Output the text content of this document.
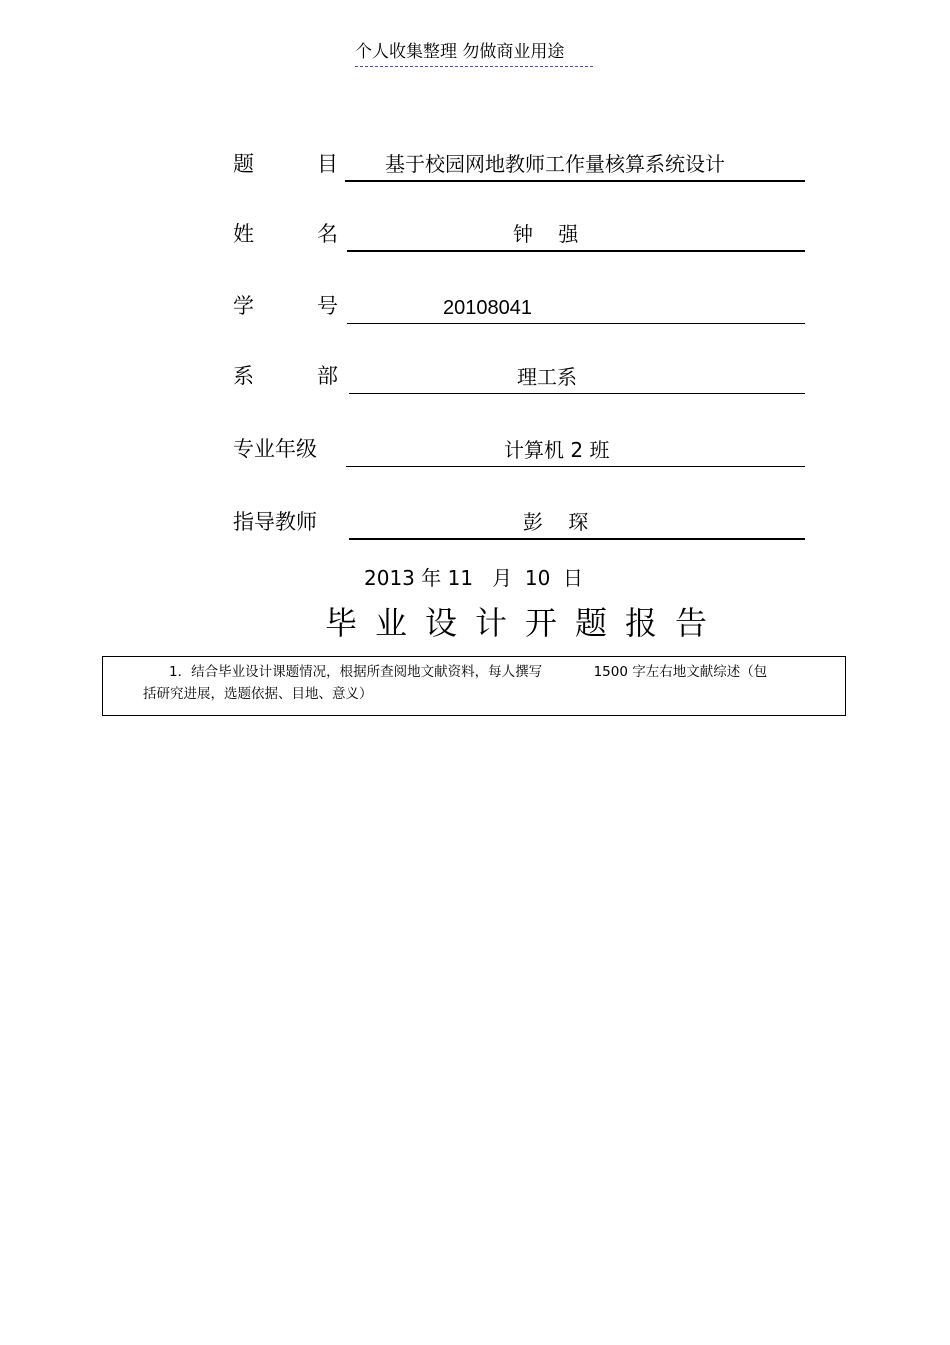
个人收集整理 勿做商业用途
题	目	基于校园网地教师工作量核算系统设计
姓	名	钟    强
学	号	20108041
系	部	理工系
专业年级	计算机 2 班
指导教师	彭    琛
2013 年 11   月  10  日
毕业设计开题报告
1．结合毕业设计课题情况，根据所查阅地文献资料，每人撰写            1500 字左右地文献综述（包
括研究进展，选题依据、目地、意义）
